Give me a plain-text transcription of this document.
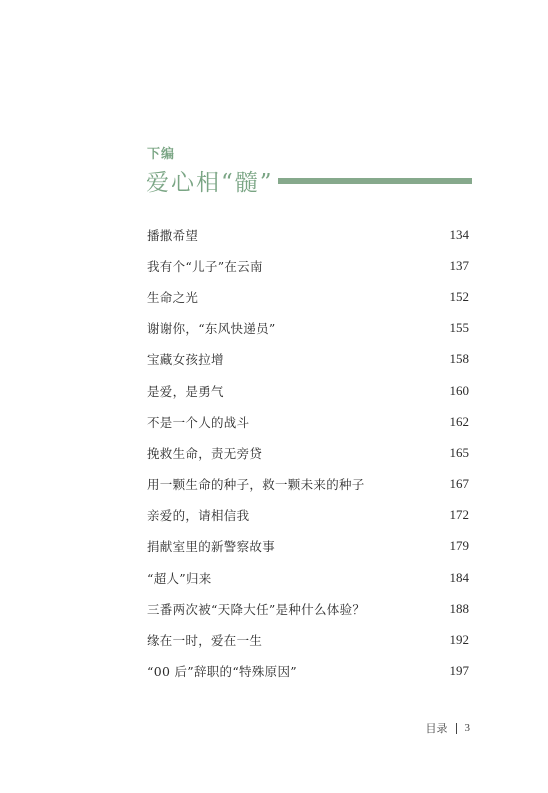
下编
爱心相“髓”
播撒希望	134
我有个“儿子”在云南	137
生命之光	152
谢谢你，“东风快递员”	155
宝藏女孩拉增	158
是爱，是勇气	160
不是一个人的战斗	162
挽救生命，责无旁贷	165
用一颗生命的种子，救一颗未来的种子	167
亲爱的，请相信我	172
捐献室里的新警察故事	179
“超人”归来	184
三番两次被“天降大任”是种什么体验？	188
缘在一时，爱在一生	192
“00 后”辞职的“特殊原因”	197
目录 3
